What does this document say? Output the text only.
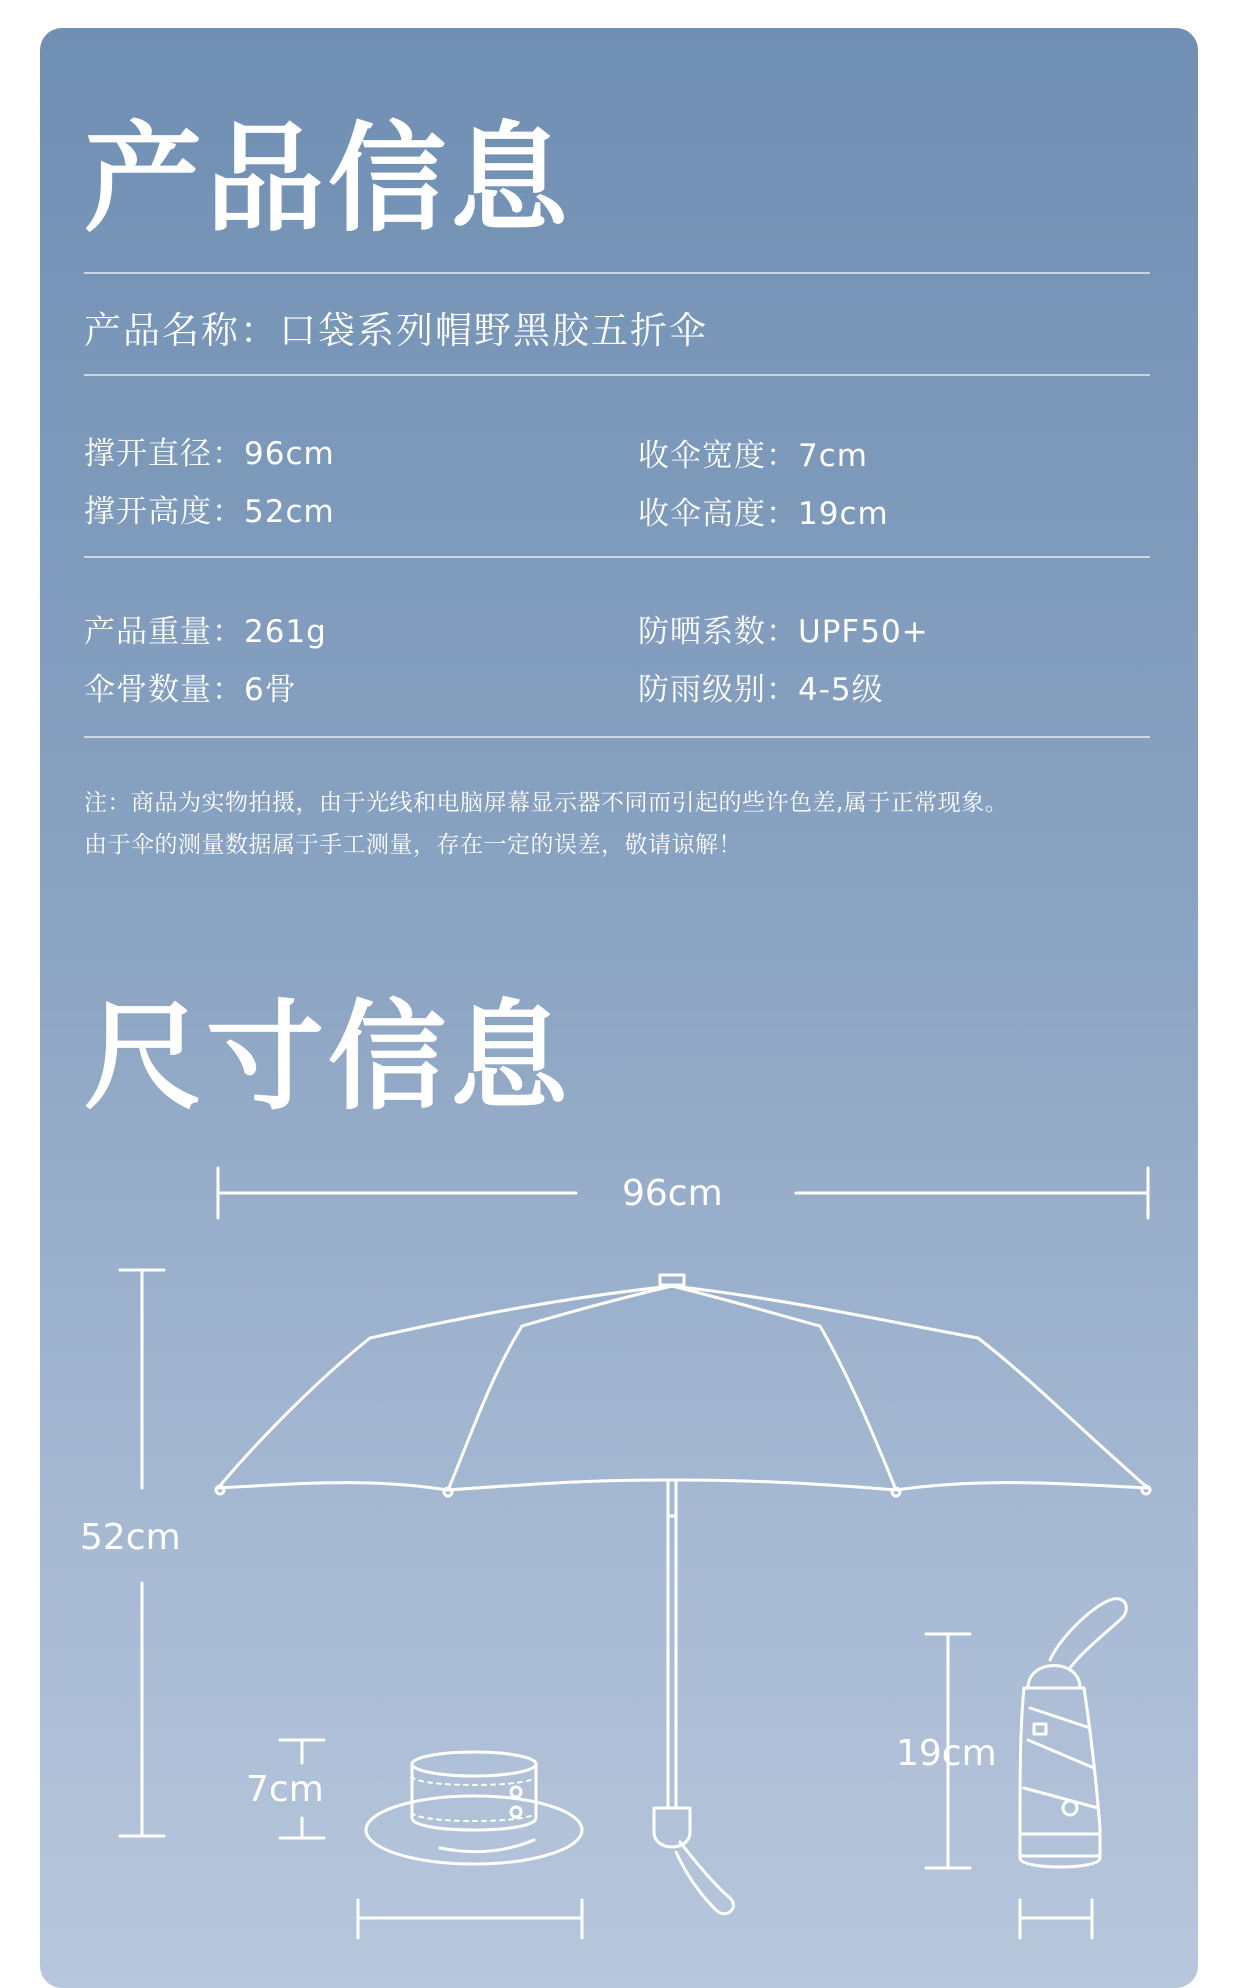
产品信息
产品名称：口袋系列帽野黑胶五折伞
撑开直径：96cm	收伞宽度：7cm
撑开高度：52cm	收伞高度：19cm
产品重量：261g	防晒系数：UPF50+
伞骨数量：6骨	防雨级别：4-5级
注：商品为实物拍摄，由于光线和电脑屏幕显示器不同而引起的些许色差,属于正常现象。
由于伞的测量数据属于手工测量，存在一定的误差，敬请谅解！
尺寸信息
96cm
52cm
7cm
19cm
